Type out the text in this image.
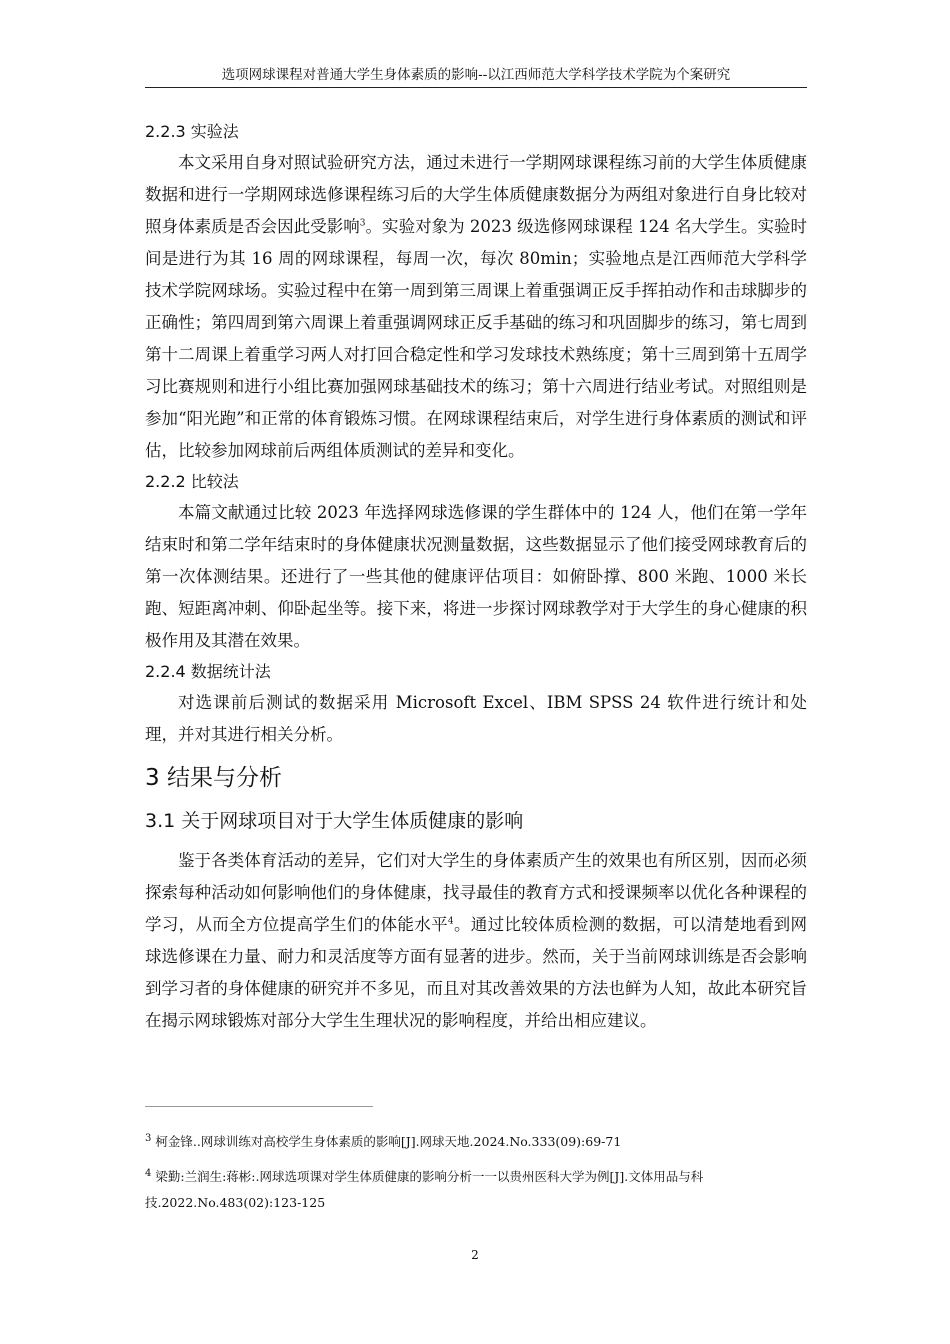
选项网球课程对普通大学生身体素质的影响--以江西师范大学科学技术学院为个案研究
2.2.3 实验法

本文采用自身对照试验研究方法，通过未进行一学期网球课程练习前的大学生体质健康数据和进行一学期网球选修课程练习后的大学生体质健康数据分为两组对象进行自身比较对照身体素质是否会因此受影响$^3$。实验对象为 2023 级选修网球课程 124 名大学生。实验时间是进行为其 16 周的网球课程，每周一次，每次 80min；实验地点是江西师范大学科学技术学院网球场。实验过程中在第一周到第三周课上着重强调正反手挥拍动作和击球脚步的正确性；第四周到第六周课上着重强调网球正反手基础的练习和巩固脚步的练习，第七周到第十二周课上着重学习两人对打回合稳定性和学习发球技术熟练度；第十三周到第十五周学习比赛规则和进行小组比赛加强网球基础技术的练习；第十六周进行结业考试。对照组则是参加“阳光跑”和正常的体育锻炼习惯。在网球课程结束后，对学生进行身体素质的测试和评估，比较参加网球前后两组体质测试的差异和变化。

2.2.2 比较法

本篇文献通过比较 2023 年选择网球选修课的学生群体中的 124 人，他们在第一学年结束时和第二学年结束时的身体健康状况测量数据，这些数据显示了他们接受网球教育后的第一次体测结果。还进行了一些其他的健康评估项目：如俯卧撑、800 米跑、1000 米长跑、短距离冲刺、仰卧起坐等。接下来，将进一步探讨网球教学对于大学生的身心健康的积极作用及其潜在效果。

2.2.4 数据统计法

对选课前后测试的数据采用 Microsoft Excel、IBM SPSS 24 软件进行统计和处理，并对其进行相关分析。

3 结果与分析
3.1 关于网球项目对于大学生体质健康的影响

鉴于各类体育活动的差异，它们对大学生的身体素质产生的效果也有所区别，因而必须探索每种活动如何影响他们的身体健康，找寻最佳的教育方式和授课频率以优化各种课程的学习，从而全方位提高学生们的体能水平$^4$。通过比较体质检测的数据，可以清楚地看到网球选修课在力量、耐力和灵活度等方面有显著的进步。然而，关于当前网球训练是否会影响到学习者的身体健康的研究并不多见，而且对其改善效果的方法也鲜为人知，故此本研究旨在揭示网球锻炼对部分大学生生理状况的影响程度，并给出相应建议。

$^3$ 柯金锋..网球训练对高校学生身体素质的影响[J].网球天地.2024.No.333(09):69-71

$^4$ 梁勤:兰润生:蒋彬:.网球选项课对学生体质健康的影响分析一一以贵州医科大学为例[J].文体用品与科技.2022.No.483(02):123-125

2
